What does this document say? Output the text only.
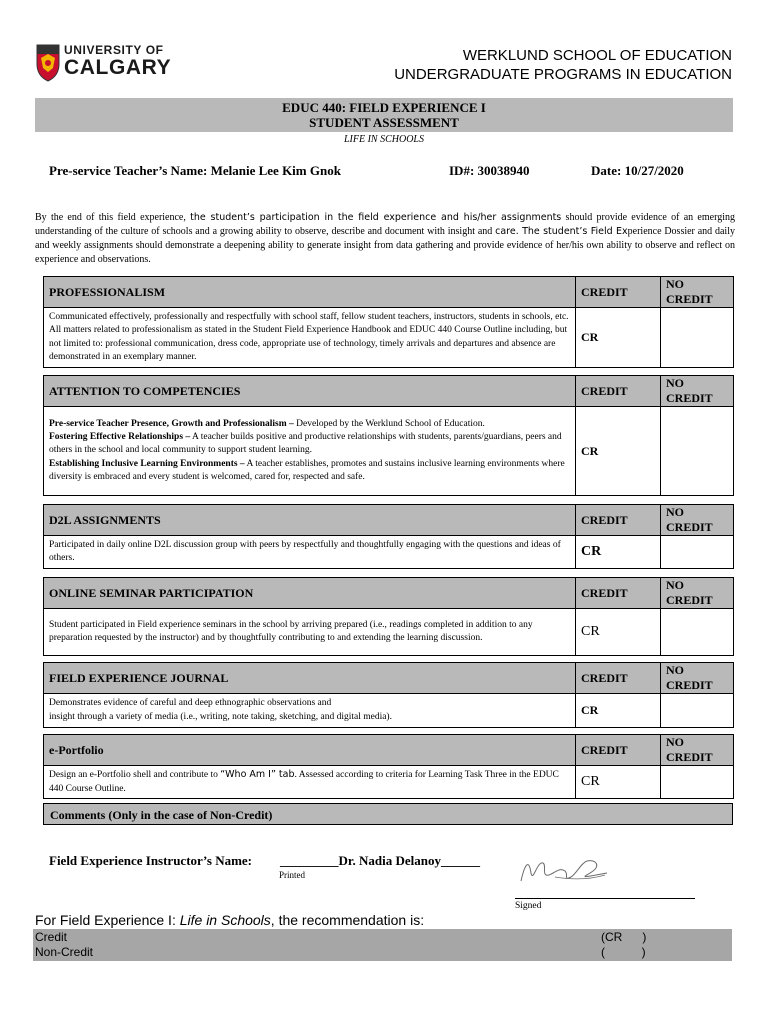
UNIVERSITY OF
CALGARY
WERKLUND SCHOOL OF EDUCATION
UNDERGRADUATE PROGRAMS IN EDUCATION
EDUC 440: FIELD EXPERIENCE I
STUDENT ASSESSMENT
LIFE IN SCHOOLS
Pre-service Teacher’s Name: Melanie Lee Kim Gnok	ID#: 30038940	Date: 10/27/2020
By the end of this field experience, the student’s participation in the field experience and his/her assignments should provide evidence of an emerging understanding of the culture of schools and a growing ability to observe, describe and document with insight and care. The student’s Field Experience Dossier and daily and weekly assignments should demonstrate a deepening ability to generate insight from data gathering and provide evidence of her/his own ability to observe and reflect on experience and observations.
PROFESSIONALISM	CREDIT	NO CREDIT
Communicated effectively, professionally and respectfully with school staff, fellow student teachers, instructors, students in schools, etc. All matters related to professionalism as stated in the Student Field Experience Handbook and EDUC 440 Course Outline including, but not limited to: professional communication, dress code, appropriate use of technology, timely arrivals and departures and absence are demonstrated in an exemplary manner.	CR	
ATTENTION TO COMPETENCIES	CREDIT	NO CREDIT
Pre-service Teacher Presence, Growth and Professionalism – Developed by the Werklund School of Education.
Fostering Effective Relationships – A teacher builds positive and productive relationships with students, parents/guardians, peers and others in the school and local community to support student learning.
Establishing Inclusive Learning Environments – A teacher establishes, promotes and sustains inclusive learning environments where diversity is embraced and every student is welcomed, cared for, respected and safe.	CR	
D2L ASSIGNMENTS	CREDIT	NO CREDIT
Participated in daily online D2L discussion group with peers by respectfully and thoughtfully engaging with the questions and ideas of others.	CR	
ONLINE SEMINAR PARTICIPATION	CREDIT	NO CREDIT
Student participated in Field experience seminars in the school by arriving prepared (i.e., readings completed in addition to any preparation requested by the instructor) and by thoughtfully contributing to and extending the learning discussion.	CR	
FIELD EXPERIENCE JOURNAL	CREDIT	NO CREDIT
Demonstrates evidence of careful and deep ethnographic observations and
insight through a variety of media (i.e., writing, note taking, sketching, and digital media).	CR	
e-Portfolio	CREDIT	NO CREDIT
Design an e-Portfolio shell and contribute to “Who Am I” tab. Assessed according to criteria for Learning Task Three in the EDUC 440 Course Outline.	CR	
Comments (Only in the case of Non-Credit)
Field Experience Instructor’s Name: _________Dr. Nadia Delanoy______
Printed
Signed
For Field Experience I: Life in Schools, the recommendation is:
Credit	(CR      )
Non-Credit	(           )
